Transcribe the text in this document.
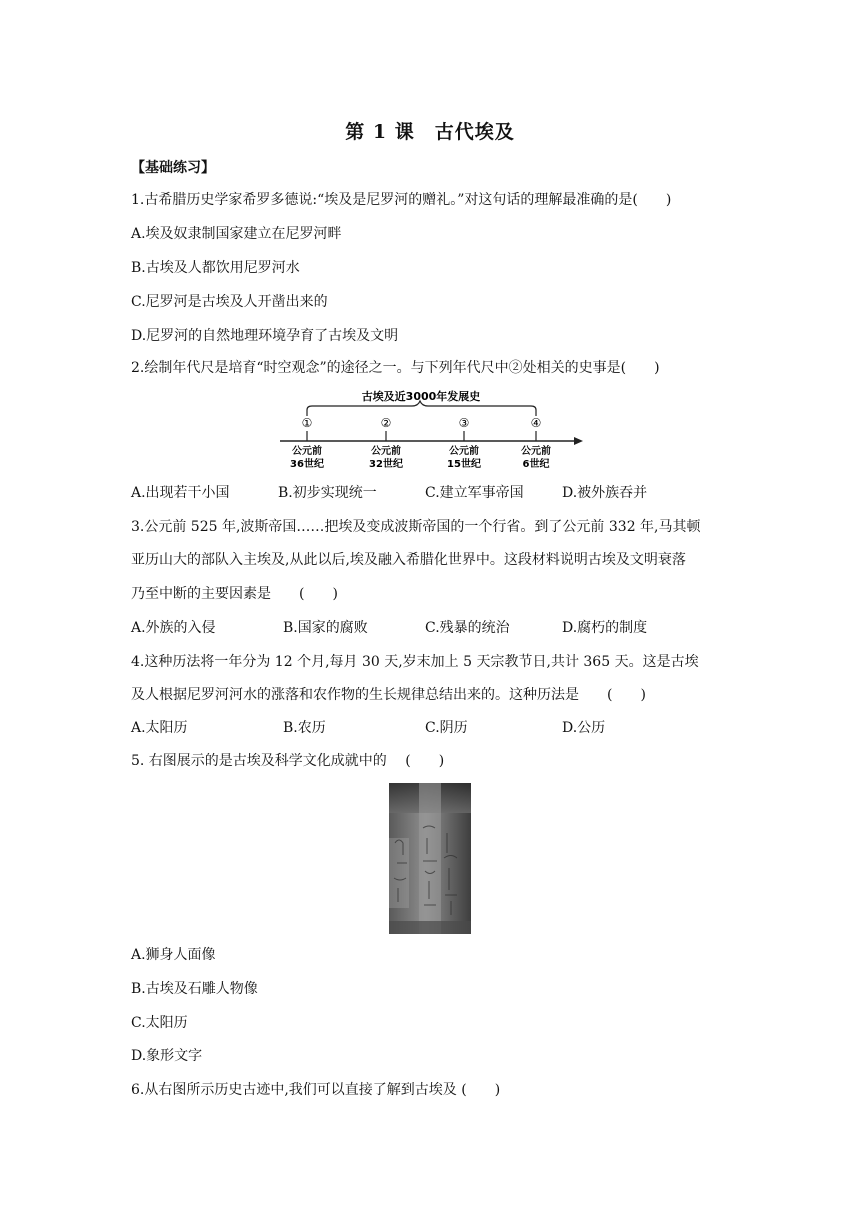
第 1 课　古代埃及
【基础练习】
1.古希腊历史学家希罗多德说:“埃及是尼罗河的赠礼。”对这句话的理解最准确的是(　　)
A.埃及奴隶制国家建立在尼罗河畔
B.古埃及人都饮用尼罗河水
C.尼罗河是古埃及人开凿出来的
D.尼罗河的自然地理环境孕育了古埃及文明
2.绘制年代尺是培育“时空观念”的途径之一。与下列年代尺中②处相关的史事是(　　)
古埃及近3000年发展史
①
公元前
36世纪
②
公元前
32世纪
③
公元前
15世纪
④
公元前
6世纪
A.出现若干小国	B.初步实现统一	C.建立军事帝国	D.被外族吞并
3.公元前 525 年,波斯帝国……把埃及变成波斯帝国的一个行省。到了公元前 332 年,马其顿
亚历山大的部队入主埃及,从此以后,埃及融入希腊化世界中。这段材料说明古埃及文明衰落
乃至中断的主要因素是　　(　　)
A.外族的入侵	B.国家的腐败	C.残暴的统治	D.腐朽的制度
4.这种历法将一年分为 12 个月,每月 30 天,岁末加上 5 天宗教节日,共计 365 天。这是古埃
及人根据尼罗河河水的涨落和农作物的生长规律总结出来的。这种历法是　　(　　)
A.太阳历	B.农历	C.阴历	D.公历
5. 右图展示的是古埃及科学文化成就中的　 (　　)
A.狮身人面像
B.古埃及石雕人物像
C.太阳历
D.象形文字
6.从右图所示历史古迹中,我们可以直接了解到古埃及 (　　)
